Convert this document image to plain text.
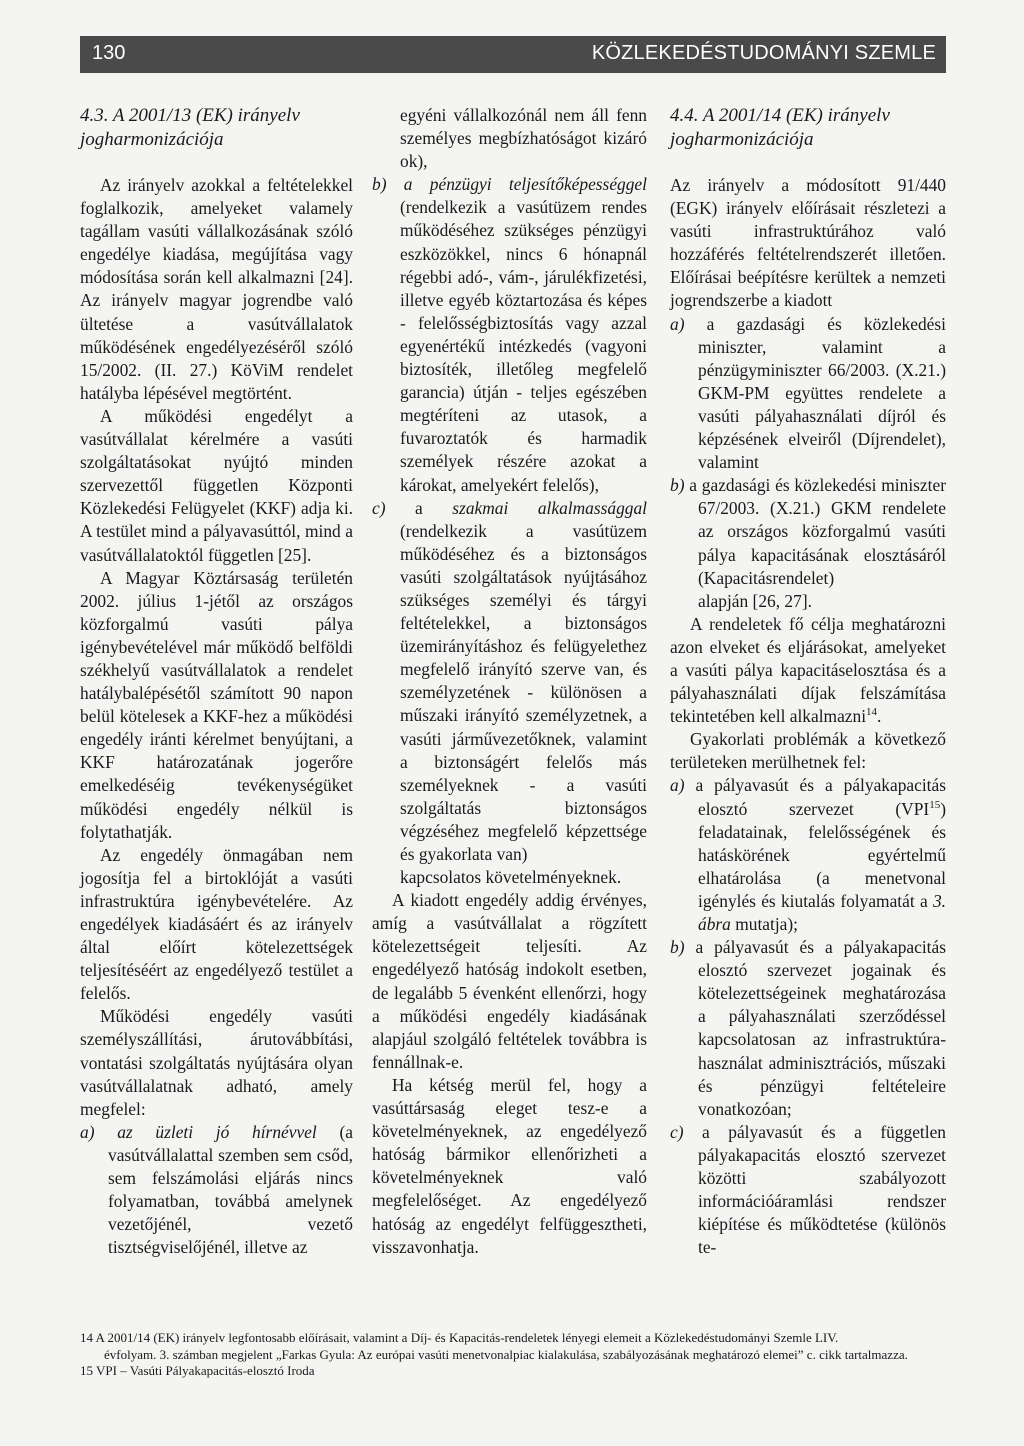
130	KÖZLEKEDÉSTUDOMÁNYI SZEMLE

4.3. A 2001/13 (EK) irányelv jogharmonizációja

Az irányelv azokkal a feltételekkel foglalkozik, amelyeket valamely tagállam vasúti vállalkozásának szóló engedélye kiadása, megújítása vagy módosítása során kell alkalmazni [24]. Az irányelv magyar jogrendbe való ültetése a vasútvállalatok működésének engedélyezéséről szóló 15/2002. (II. 27.) KöViM rendelet hatályba lépésével megtörtént.

A működési engedélyt a vasútvállalat kérelmére a vasúti szolgáltatásokat nyújtó minden szervezettől független Központi Közlekedési Felügyelet (KKF) adja ki. A testület mind a pályavasúttól, mind a vasútvállalatoktól független [25].

A Magyar Köztársaság területén 2002. július 1-jétől az országos közforgalmú vasúti pálya igénybevételével már működő belföldi székhelyű vasútvállalatok a rendelet hatálybalépésétől számított 90 napon belül kötelesek a KKF-hez a működési engedély iránti kérelmet benyújtani, a KKF határozatának jogerőre emelkedéséig tevékenységüket működési engedély nélkül is folytathatják.

Az engedély önmagában nem jogosítja fel a birtoklóját a vasúti infrastruktúra igénybevételére. Az engedélyek kiadásáért és az irányelv által előírt kötelezettségek teljesítéséért az engedélyező testület a felelős.

Működési engedély vasúti személyszállítási, árutovábbítási, vontatási szolgáltatás nyújtására olyan vasútvállalatnak adható, amely megfelel:

a) az üzleti jó hírnévvel (a vasútvállalattal szemben sem csőd, sem felszámolási eljárás nincs folyamatban, továbbá amelynek vezetőjénél, vezető tisztségviselőjénél, illetve az

egyéni vállalkozónál nem áll fenn személyes megbízhatóságot kizáró ok),

b) a pénzügyi teljesítőképességgel (rendelkezik a vasútüzem rendes működéséhez szükséges pénzügyi eszközökkel, nincs 6 hónapnál régebbi adó-, vám-, járulékfizetési, illetve egyéb köztartozása és képes - felelősségbiztosítás vagy azzal egyenértékű intézkedés (vagyoni biztosíték, illetőleg megfelelő garancia) útján - teljes egészében megtéríteni az utasok, a fuvaroztatók és harmadik személyek részére azokat a károkat, amelyekért felelős),

c) a szakmai alkalmassággal (rendelkezik a vasútüzem működéséhez és a biztonságos vasúti szolgáltatások nyújtásához szükséges személyi és tárgyi feltételekkel, a biztonságos üzemirányításhoz és felügyelethez megfelelő irányító szerve van, és személyzetének - különösen a műszaki irányító személyzetnek, a vasúti járművezetőknek, valamint a biztonságért felelős más személyeknek - a vasúti szolgáltatás biztonságos végzéséhez megfelelő képzettsége és gyakorlata van)

kapcsolatos követelményeknek.

A kiadott engedély addig érvényes, amíg a vasútvállalat a rögzített kötelezettségeit teljesíti. Az engedélyező hatóság indokolt esetben, de legalább 5 évenként ellenőrzi, hogy a működési engedély kiadásának alapjául szolgáló feltételek továbbra is fennállnak-e.

Ha kétség merül fel, hogy a vasúttársaság eleget tesz-e a követelményeknek, az engedélyező hatóság bármikor ellenőrizheti a követelményeknek való megfelelőséget. Az engedélyező hatóság az engedélyt felfüggesztheti, visszavonhatja.

4.4. A 2001/14 (EK) irányelv jogharmonizációja

Az irányelv a módosított 91/440 (EGK) irányelv előírásait részletezi a vasúti infrastruktúrához való hozzáférés feltételrendszerét illetően. Előírásai beépítésre kerültek a nemzeti jogrendszerbe a kiadott

a) a gazdasági és közlekedési miniszter, valamint a pénzügyminiszter 66/2003. (X.21.) GKM-PM együttes rendelete a vasúti pályahasználati díjról és képzésének elveiről (Díjrendelet), valamint

b) a gazdasági és közlekedési miniszter 67/2003. (X.21.) GKM rendelete az országos közforgalmú vasúti pálya kapacitásának elosztásáról (Kapacitásrendelet)

alapján [26, 27].

A rendeletek fő célja meghatározni azon elveket és eljárásokat, amelyeket a vasúti pálya kapacitáselosztása és a pályahasználati díjak felszámítása tekintetében kell alkalmazni$^{14}$.

Gyakorlati problémák a következő területeken merülhetnek fel:

a) a pályavasút és a pályakapacitás elosztó szervezet (VPI$^{15}$) feladatainak, felelősségének és hatáskörének egyértelmű elhatárolása (a menetvonal igénylés és kiutalás folyamatát a 3. ábra mutatja);

b) a pályavasút és a pályakapacitás elosztó szervezet jogainak és kötelezettségeinek meghatározása a pályahasználati szerződéssel kapcsolatosan az infrastruktúra-használat adminisztrációs, műszaki és pénzügyi feltételeire vonatkozóan;

c) a pályavasút és a független pályakapacitás elosztó szervezet közötti szabályozott információáramlási rendszer kiépítése és működtetése (különös te-

14 A 2001/14 (EK) irányelv legfontosabb előírásait, valamint a Díj- és Kapacitás-rendeletek lényegi elemeit a Közlekedéstudományi Szemle LIV.

évfolyam. 3. számban megjelent „Farkas Gyula: Az európai vasúti menetvonalpiac kialakulása, szabályozásának meghatározó elemei” c. cikk tartalmazza.

15 VPI – Vasúti Pályakapacitás-elosztó Iroda
